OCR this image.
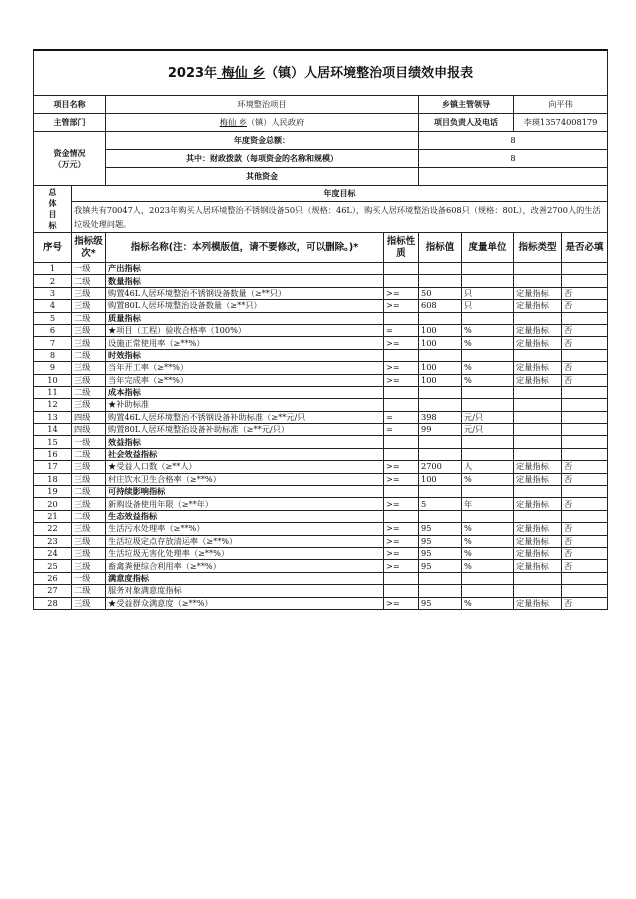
2023年 梅仙 乡（镇）人居环境整治项目绩效申报表							
项目名称		环境整治项目		乡镇主管领导		向平伟	
主管部门		梅仙 乡（镇）人民政府		项目负责人及电话		李瑛13574008179	
资金情况
（万元）		年度资金总额：		8			
		其中：财政拨款（每项资金的名称和规模）		8			
		其他资金					
总
体
目
标	年度目标						
	我镇共有70047人，2023年购买人居环境整治不锈钢设备50只（规格：46L），购买人居环境整治设备608只（规格：80L），改善2700人的生活垃圾处理问题。						
序号	指标级次*	指标名称(注：本列模版值，请不要修改，可以删除。)*	指标性质	指标值	度量单位	指标类型	是否必填
1	一级	产出指标					
2	二级	数量指标					
3	三级	购置46L人居环境整治不锈钢设备数量（≥**只）	>=	50	只	定量指标	否
4	三级	购置80L人居环境整治设备数量（≥**只）	>=	608	只	定量指标	否
5	二级	质量指标					
6	三级	★项目（工程）验收合格率（100%）	=	100	%	定量指标	否
7	三级	设施正常使用率（≥**%）	>=	100	%	定量指标	否
8	二级	时效指标					
9	三级	当年开工率（≥**%）	>=	100	%	定量指标	否
10	三级	当年完成率（≥**%）	>=	100	%	定量指标	否
11	二级	成本指标					
12	三级	★补助标准					
13	四级	购置46L人居环境整治不锈钢设备补助标准（≥**元/只	=	398	元/只		
14	四级	购置80L人居环境整治设备补助标准（≥**元/只）	=	99	元/只		
15	一级	效益指标					
16	二级	社会效益指标					
17	三级	★受益人口数（≥**人）	>=	2700	人	定量指标	否
18	三级	村庄饮水卫生合格率（≥**%）	>=	100	%	定量指标	否
19	二级	可持续影响指标					
20	三级	新购设备使用年限（≥**年）	>=	5	年	定量指标	否
21	二级	生态效益指标					
22	三级	生活污水处理率（≥**%）	>=	95	%	定量指标	否
23	三级	生活垃圾定点存放清运率（≥**%）	>=	95	%	定量指标	否
24	三级	生活垃圾无害化处理率（≥**%）	>=	95	%	定量指标	否
25	三级	畜禽粪便综合利用率（≥**%）	>=	95	%	定量指标	否
26	一级	满意度指标					
27	二级	服务对象满意度指标					
28	三级	★受益群众满意度（≥**%）	>=	95	%	定量指标	否
